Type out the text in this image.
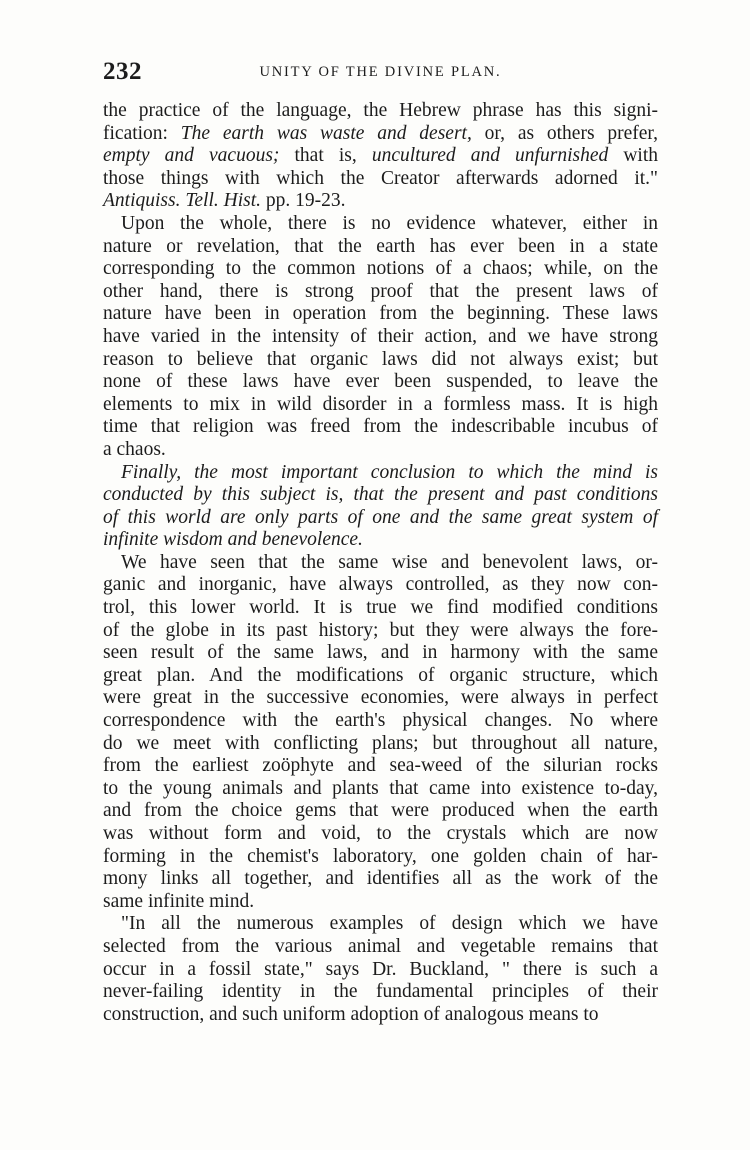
232	UNITY OF THE DIVINE PLAN.
the practice of the language, the Hebrew phrase has this signi-
fication: The earth was waste and desert, or, as others prefer,
empty and vacuous; that is, uncultured and unfurnished with
those things with which the Creator afterwards adorned it."
Antiquiss. Tell. Hist. pp. 19-23.
Upon the whole, there is no evidence whatever, either in
nature or revelation, that the earth has ever been in a state
corresponding to the common notions of a chaos; while, on the
other hand, there is strong proof that the present laws of
nature have been in operation from the beginning. These laws
have varied in the intensity of their action, and we have strong
reason to believe that organic laws did not always exist; but
none of these laws have ever been suspended, to leave the
elements to mix in wild disorder in a formless mass. It is high
time that religion was freed from the indescribable incubus of
a chaos.
Finally, the most important conclusion to which the mind is
conducted by this subject is, that the present and past conditions
of this world are only parts of one and the same great system of
infinite wisdom and benevolence.
We have seen that the same wise and benevolent laws, or-
ganic and inorganic, have always controlled, as they now con-
trol, this lower world. It is true we find modified conditions
of the globe in its past history; but they were always the fore-
seen result of the same laws, and in harmony with the same
great plan. And the modifications of organic structure, which
were great in the successive economies, were always in perfect
correspondence with the earth's physical changes. No where
do we meet with conflicting plans; but throughout all nature,
from the earliest zoöphyte and sea-weed of the silurian rocks
to the young animals and plants that came into existence to-day,
and from the choice gems that were produced when the earth
was without form and void, to the crystals which are now
forming in the chemist's laboratory, one golden chain of har-
mony links all together, and identifies all as the work of the
same infinite mind.
"In all the numerous examples of design which we have
selected from the various animal and vegetable remains that
occur in a fossil state," says Dr. Buckland, " there is such a
never-failing identity in the fundamental principles of their
construction, and such uniform adoption of analogous means to
